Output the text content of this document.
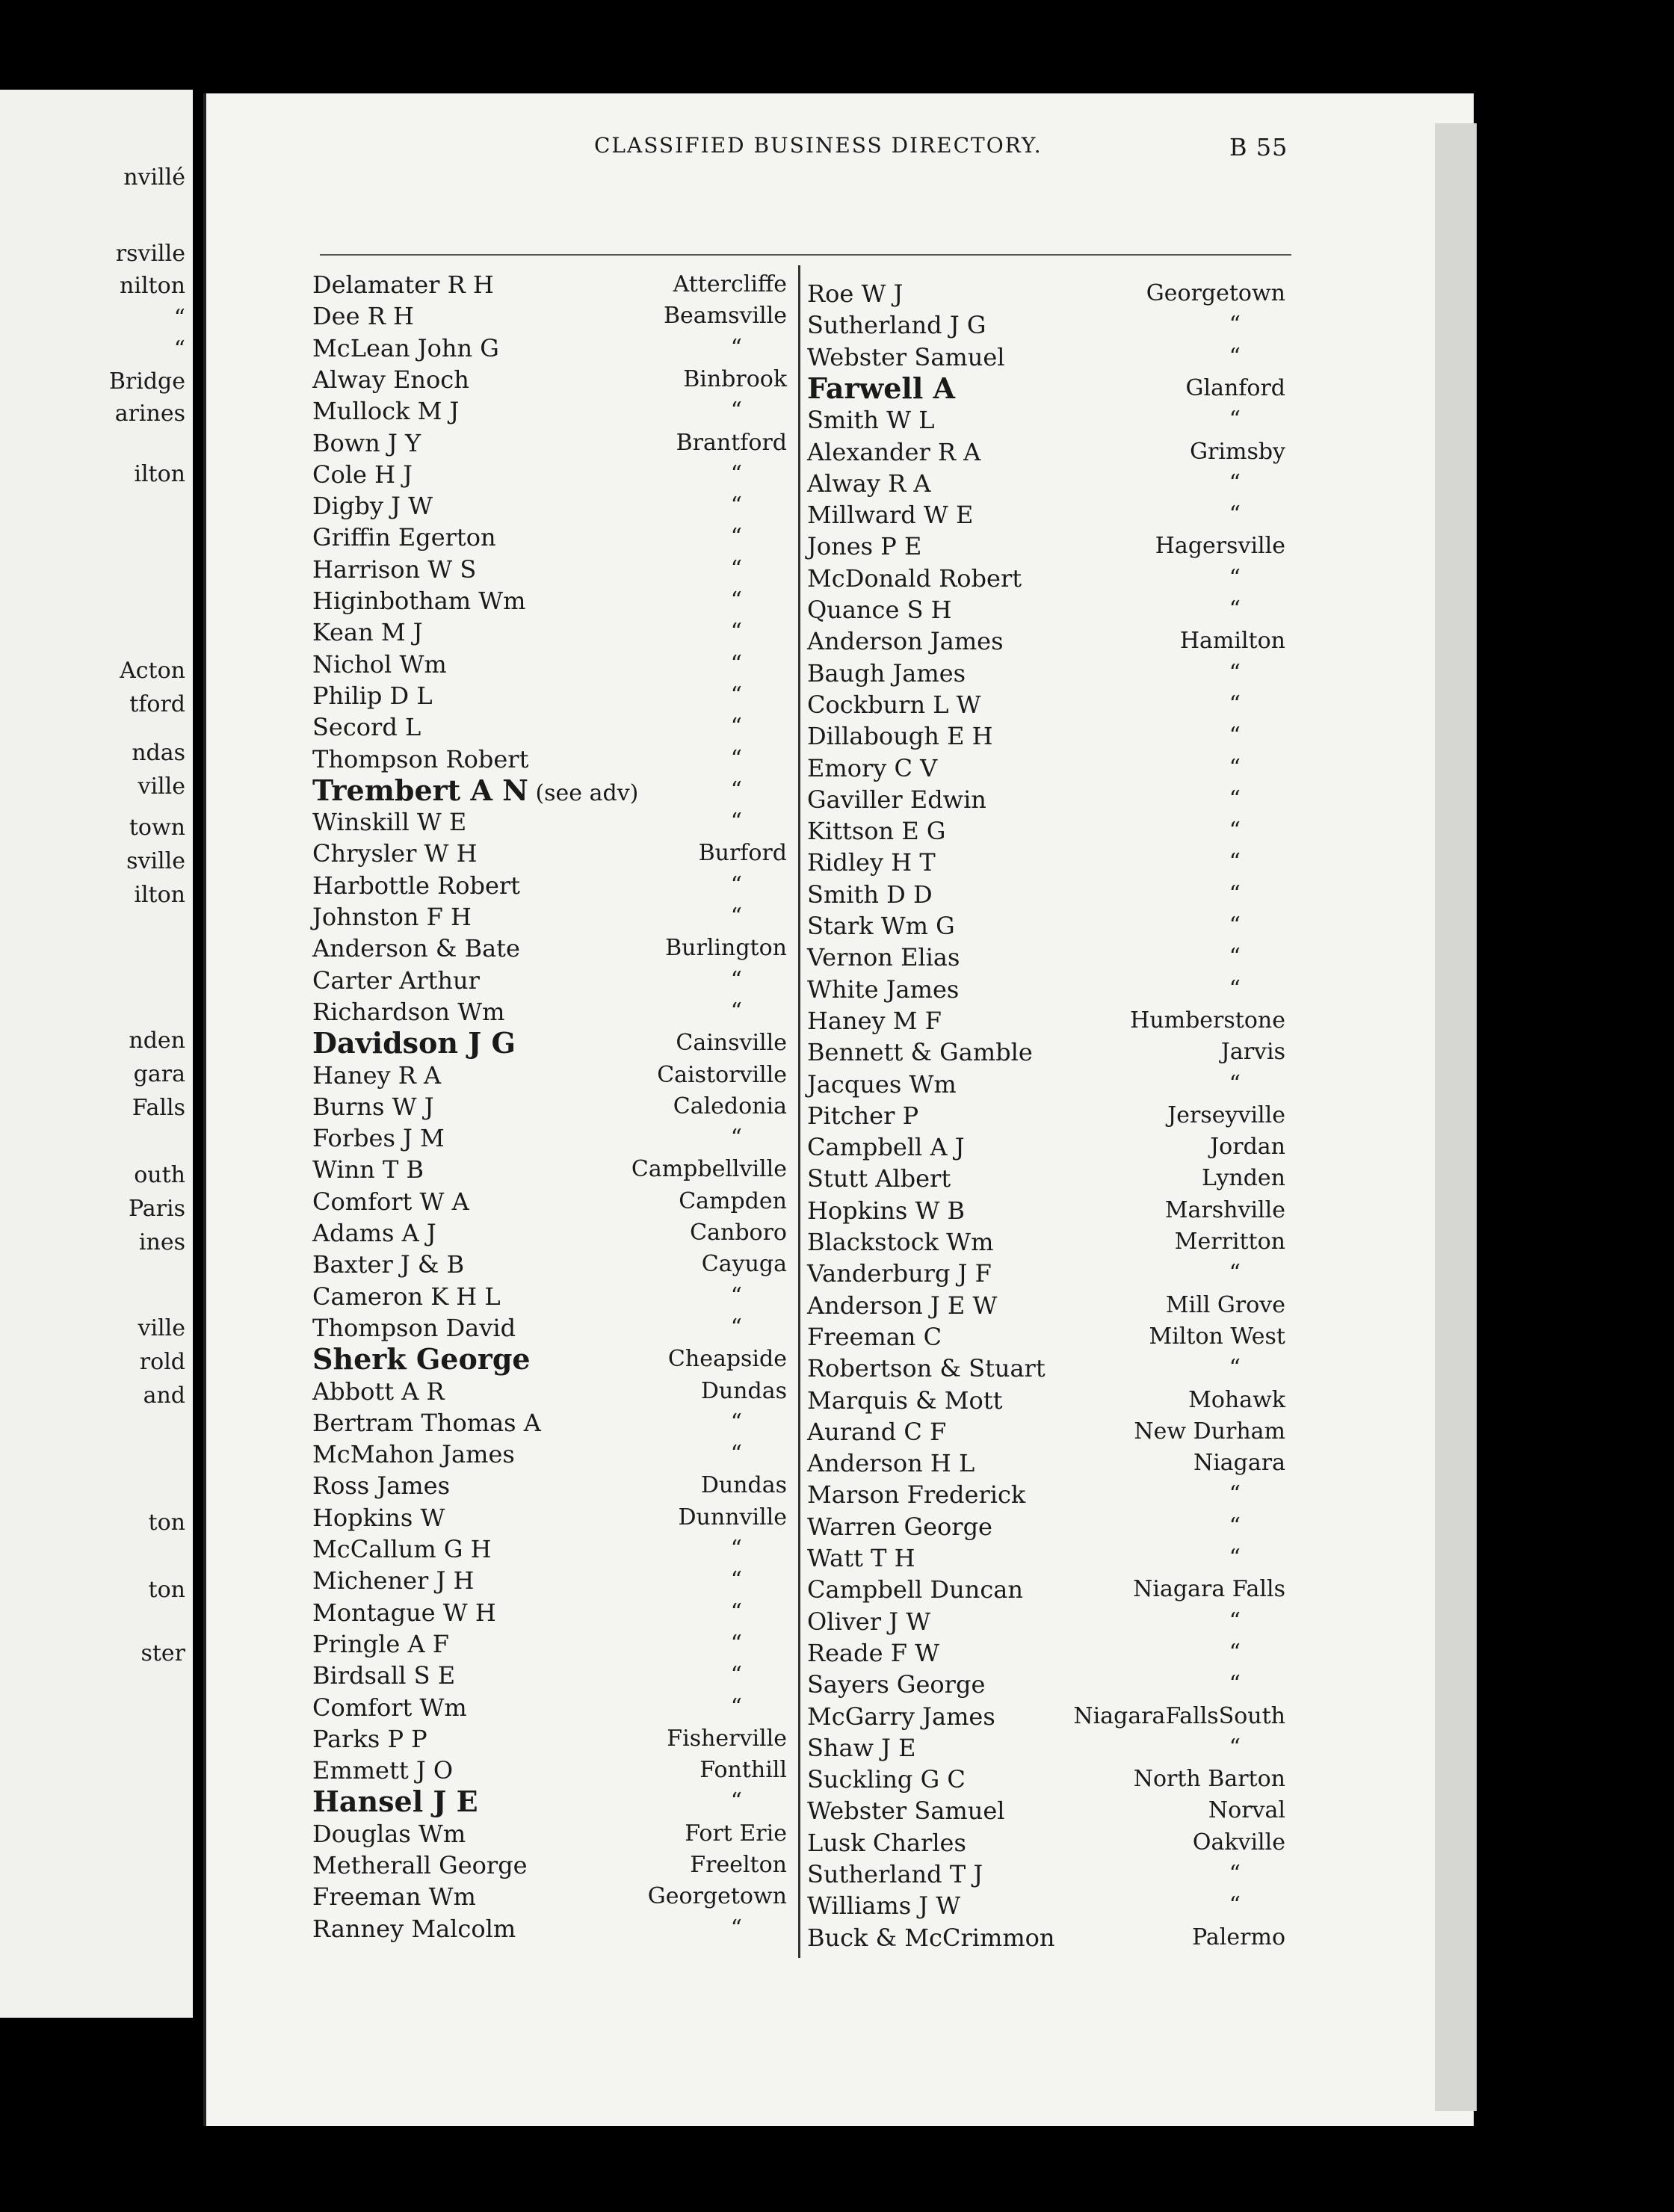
nvillé
rsville
nilton
“
“
Bridge
arines
ilton
Acton
tford
ndas
ville
town
sville
ilton
nden
gara
Falls
outh
Paris
ines
ville
rold
and
ton
ton
ster
CLASSIFIED BUSINESS DIRECTORY.	B 55
Delamater R H	Attercliffe
Dee R H	Beamsville
McLean John G	“
Alway Enoch	Binbrook
Mullock M J	“
Bown J Y	Brantford
Cole H J	“
Digby J W	“
Griffin Egerton	“
Harrison W S	“
Higinbotham Wm	“
Kean M J	“
Nichol Wm	“
Philip D L	“
Secord L	“
Thompson Robert	“
Trembert A N (see adv)	“
Winskill W E	“
Chrysler W H	Burford
Harbottle Robert	“
Johnston F H	“
Anderson & Bate	Burlington
Carter Arthur	“
Richardson Wm	“
Davidson J G	Cainsville
Haney R A	Caistorville
Burns W J	Caledonia
Forbes J M	“
Winn T B	Campbellville
Comfort W A	Campden
Adams A J	Canboro
Baxter J & B	Cayuga
Cameron K H L	“
Thompson David	“
Sherk George	Cheapside
Abbott A R	Dundas
Bertram Thomas A	“
McMahon James	“
Ross James	Dundas
Hopkins W	Dunnville
McCallum G H	“
Michener J H	“
Montague W H	“
Pringle A F	“
Birdsall S E	“
Comfort Wm	“
Parks P P	Fisherville
Emmett J O	Fonthill
Hansel J E	“
Douglas Wm	Fort Erie
Metherall George	Freelton
Freeman Wm	Georgetown
Ranney Malcolm	“
Roe W J	Georgetown
Sutherland J G	“
Webster Samuel	“
Farwell A	Glanford
Smith W L	“
Alexander R A	Grimsby
Alway R A	“
Millward W E	“
Jones P E	Hagersville
McDonald Robert	“
Quance S H	“
Anderson James	Hamilton
Baugh James	“
Cockburn L W	“
Dillabough E H	“
Emory C V	“
Gaviller Edwin	“
Kittson E G	“
Ridley H T	“
Smith D D	“
Stark Wm G	“
Vernon Elias	“
White James	“
Haney M F	Humberstone
Bennett & Gamble	Jarvis
Jacques Wm	“
Pitcher P	Jerseyville
Campbell A J	Jordan
Stutt Albert	Lynden
Hopkins W B	Marshville
Blackstock Wm	Merritton
Vanderburg J F	“
Anderson J E W	Mill Grove
Freeman C	Milton West
Robertson & Stuart	“
Marquis & Mott	Mohawk
Aurand C F	New Durham
Anderson H L	Niagara
Marson Frederick	“
Warren George	“
Watt T H	“
Campbell Duncan	Niagara Falls
Oliver J W	“
Reade F W	“
Sayers George	“
McGarry James	NiagaraFallsSouth
Shaw J E	“
Suckling G C	North Barton
Webster Samuel	Norval
Lusk Charles	Oakville
Sutherland T J	“
Williams J W	“
Buck & McCrimmon	Palermo
